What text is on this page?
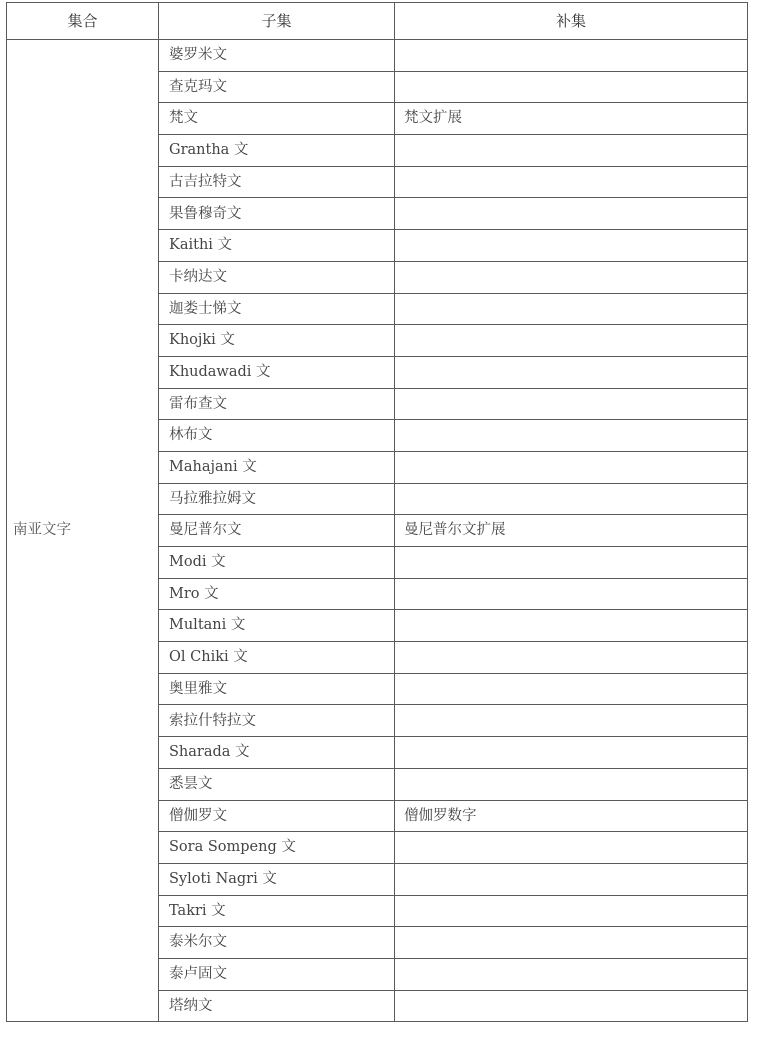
集合	子集	补集
南亚文字	婆罗米文	
	查克玛文	
	梵文	梵文扩展
	Grantha 文	
	古吉拉特文	
	果鲁穆奇文	
	Kaithi 文	
	卡纳达文	
	迦娄士悌文	
	Khojki 文	
	Khudawadi 文	
	雷布查文	
	林布文	
	Mahajani 文	
	马拉雅拉姆文	
	曼尼普尔文	曼尼普尔文扩展
	Modi 文	
	Mro 文	
	Multani 文	
	Ol Chiki 文	
	奥里雅文	
	索拉什特拉文	
	Sharada 文	
	悉昙文	
	僧伽罗文	僧伽罗数字
	Sora Sompeng 文	
	Syloti Nagri 文	
	Takri 文	
	泰米尔文	
	泰卢固文	
	塔纳文	
